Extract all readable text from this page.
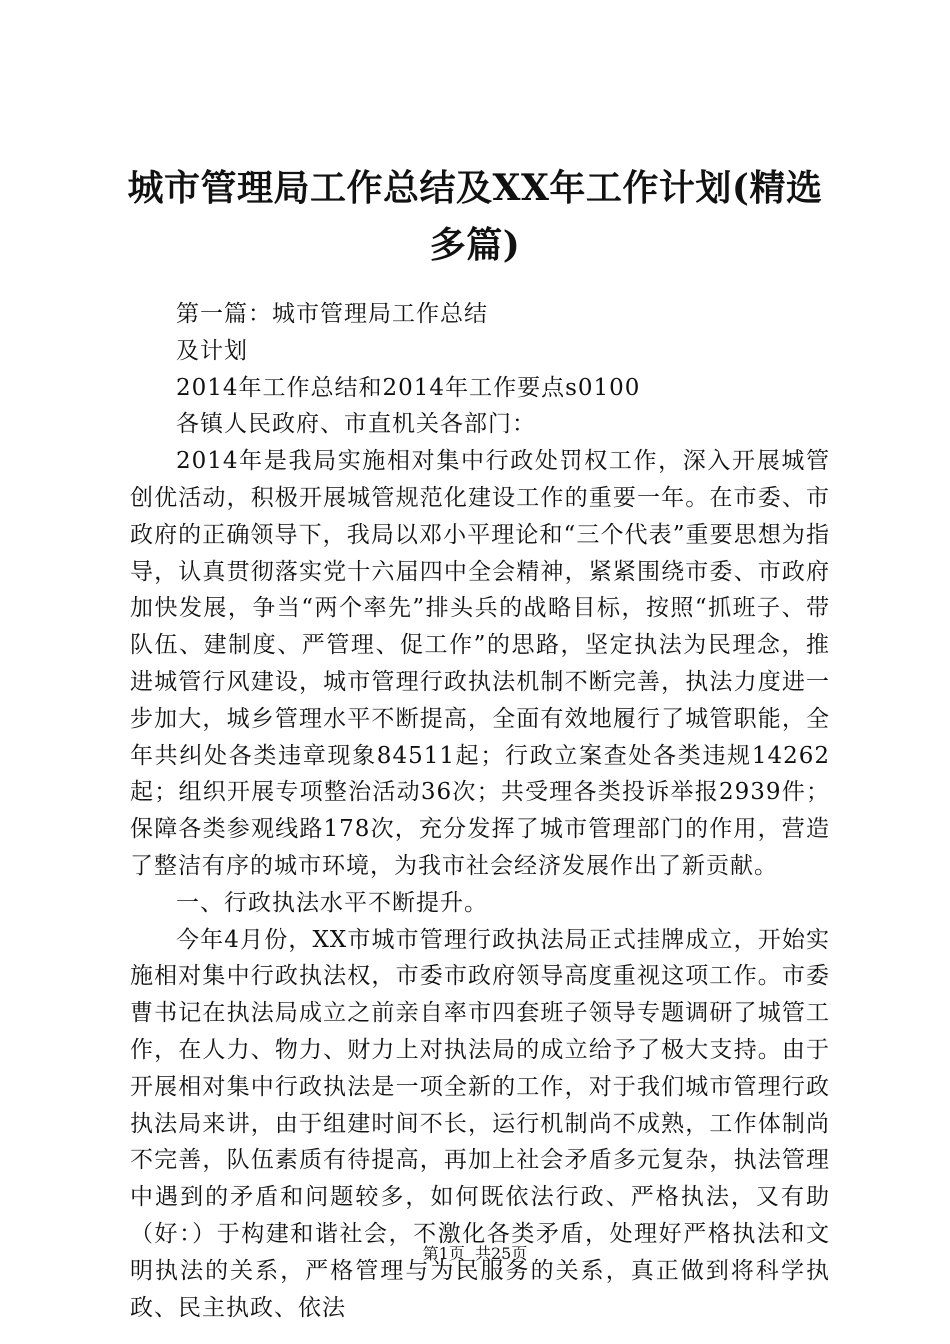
城市管理局工作总结及XX年工作计划(精选多篇)

第一篇：城市管理局工作总结

及计划

2014年工作总结和2014年工作要点s0100

各镇人民政府、市直机关各部门：

2014年是我局实施相对集中行政处罚权工作，深入开展城管创优活动，积极开展城管规范化建设工作的重要一年。在市委、市政府的正确领导下，我局以邓小平理论和“三个代表”重要思想为指导，认真贯彻落实党十六届四中全会精神，紧紧围绕市委、市政府加快发展，争当“两个率先”排头兵的战略目标，按照“抓班子、带队伍、建制度、严管理、促工作”的思路，坚定执法为民理念，推进城管行风建设，城市管理行政执法机制不断完善，执法力度进一步加大，城乡管理水平不断提高，全面有效地履行了城管职能，全年共纠处各类违章现象84511起；行政立案查处各类违规14262起；组织开展专项整治活动36次；共受理各类投诉举报2939件；保障各类参观线路178次，充分发挥了城市管理部门的作用，营造了整洁有序的城市环境，为我市社会经济发展作出了新贡献。

一、行政执法水平不断提升。

今年4月份，XX市城市管理行政执法局正式挂牌成立，开始实施相对集中行政执法权，市委市政府领导高度重视这项工作。市委曹书记在执法局成立之前亲自率市四套班子领导专题调研了城管工作，在人力、物力、财力上对执法局的成立给予了极大支持。由于开展相对集中行政执法是一项全新的工作，对于我们城市管理行政执法局来讲，由于组建时间不长，运行机制尚不成熟，工作体制尚不完善，队伍素质有待提高，再加上社会矛盾多元复杂，执法管理中遇到的矛盾和问题较多，如何既依法行政、严格执法，又有助（好：）于构建和谐社会，不激化各类矛盾，处理好严格执法和文明执法的关系，严格管理与为民服务的关系，真正做到将科学执政、民主执政、依法

第1页  共25页
